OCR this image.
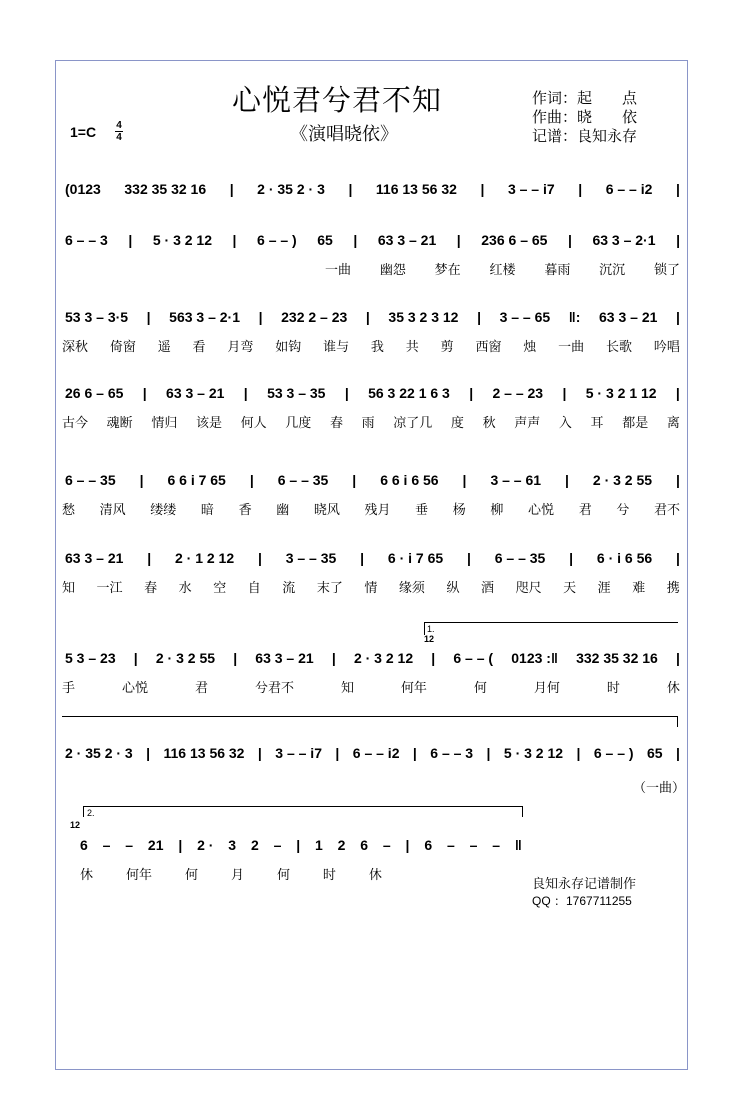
心悦君兮君不知
《演唱晓依》
1=C 4
4
作词：起　　点
作曲：晓　　依
记谱：良知永存
(0123 332 35 32 16 | 2 · 35 2 · 3 | 116 13 56 32 | 3 – – i7 | 6 – – i2 |
6 – – 3 | 5 · 3 2 12 | 6 – – ) 65 | 63 3 – 21 | 236 6 – 65 | 63 3 – 2·1 |
一曲 幽怨 梦在 红楼 暮雨 沉沉 锁了
53 3 – 3·5 | 563 3 – 2·1 | 232 2 – 23 | 35 3 2 3 12 | 3 – – 65 ‖: 63 3 – 21 |
深秋 倚窗 遥 看 月弯 如钩 谁与 我 共 剪 西窗 烛 一曲 长歌 吟唱
26 6 – 65 | 63 3 – 21 | 53 3 – 35 | 56 3 22 1 6 3 | 2 – – 23 | 5 · 3 2 1 12 |
古今 魂断 情归 该是 何人 几度 春 雨 凉了几 度 秋 声声 入 耳 都是 离
6 – – 35 | 6 6 i 7 65 | 6 – – 35 | 6 6 i 6 56 | 3 – – 61 | 2 · 3 2 55 |
愁 清风 缕缕 暗 香 幽 晓风 残月 垂 杨 柳 心悦 君 兮 君不
63 3 – 21 | 2 · 1 2 12 | 3 – – 35 | 6 · i 7 65 | 6 – – 35 | 6 · i 6 56 |
知 一江 春 水 空 自 流 末了 情 缘须 纵 酒 咫尺 天 涯 难 携
5 3 – 23 | 2 · 3 2 55 | 63 3 – 21 | 2 · 3 2 12 | 6 – – ( 0123 :‖ 332 35 32 16 |
手	心悦	君	兮君不	知	何年	何	月何	时	休
2 · 35 2 · 3 | 116 13 56 32 | 3 – – i7 | 6 – – i2 | 6 – – 3 | 5 · 3 2 12 | 6 – – ) 65 |
6 – – 21 | 2 · 3 2 – | 1 2 6 – | 6 – – – ‖
休	何年	何	月	何	时	休
1.
12
2.
12
（一曲）
良知永存记谱制作
QQ ：1767711255
